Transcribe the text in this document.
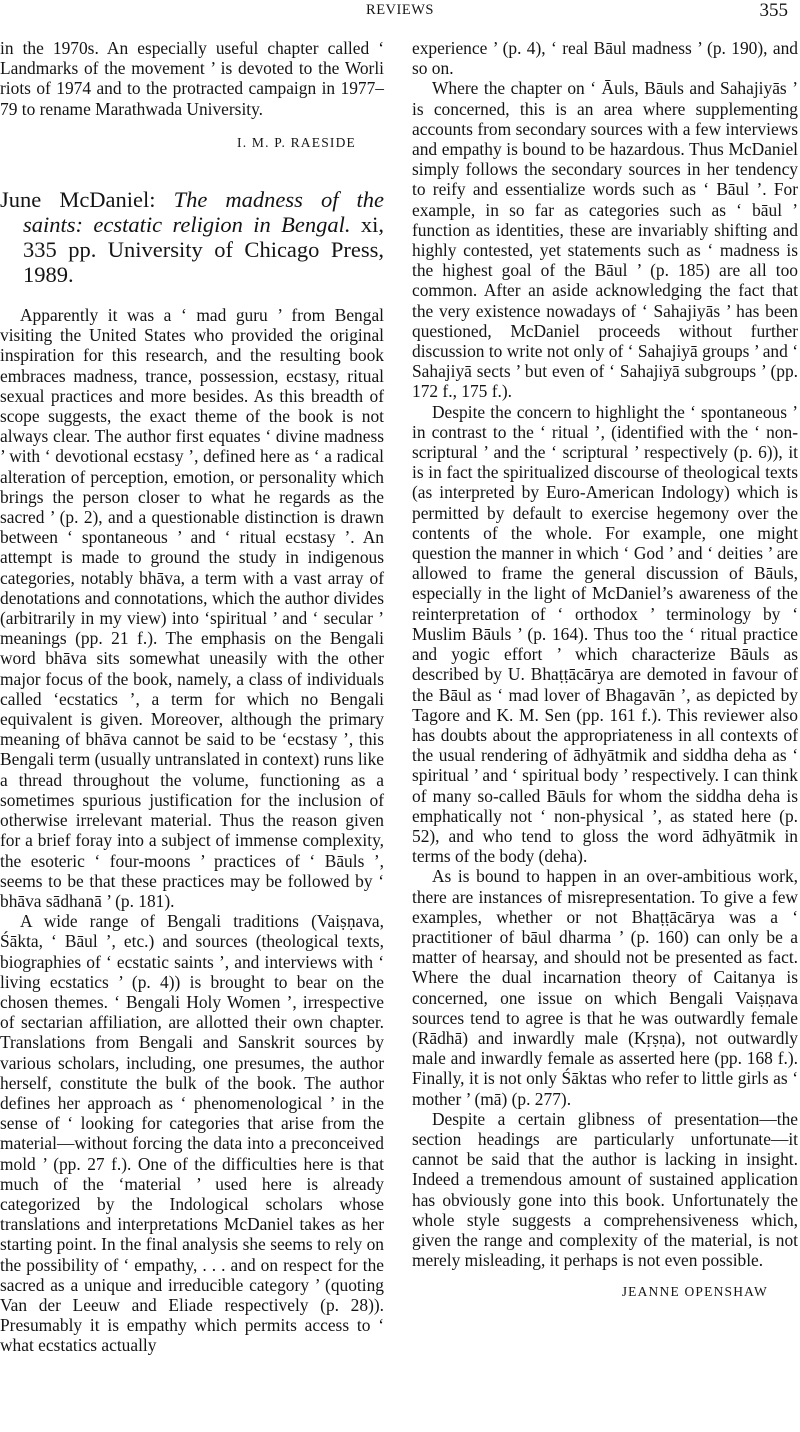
REVIEWS	355

in the 1970s. An especially useful chapter called ‘ Landmarks of the movement ’ is devoted to the Worli riots of 1974 and to the protracted campaign in 1977–79 to rename Marathwada University.

I. M. P. RAESIDE

June McDaniel: The madness of the saints: ecstatic religion in Bengal. xi, 335 pp. University of Chicago Press, 1989.

Apparently it was a ‘ mad guru ’ from Bengal visiting the United States who provided the original inspiration for this research, and the resulting book embraces madness, trance, possession, ecstasy, ritual sexual practices and more besides. As this breadth of scope suggests, the exact theme of the book is not always clear. The author first equates ‘ divine madness ’ with ‘ devotional ecstasy ’, defined here as ‘ a radical alteration of perception, emotion, or personality which brings the person closer to what he regards as the sacred ’ (p. 2), and a questionable distinction is drawn between ‘ spontaneous ’ and ‘ ritual ecstasy ’. An attempt is made to ground the study in indigenous categories, notably bhāva, a term with a vast array of denotations and connotations, which the author divides (arbitrarily in my view) into ‘spiritual ’ and ‘ secular ’ meanings (pp. 21 f.). The emphasis on the Bengali word bhāva sits somewhat uneasily with the other major focus of the book, namely, a class of individuals called ‘ecstatics ’, a term for which no Bengali equivalent is given. Moreover, although the primary meaning of bhāva cannot be said to be ‘ecstasy ’, this Bengali term (usually untranslated in context) runs like a thread throughout the volume, functioning as a sometimes spurious justification for the inclusion of otherwise irrelevant material. Thus the reason given for a brief foray into a subject of immense complexity, the esoteric ‘ four-moons ’ practices of ‘ Bāuls ’, seems to be that these practices may be followed by ‘ bhāva sādhanā ’ (p. 181).

A wide range of Bengali traditions (Vaiṣṇava, Śākta, ‘ Bāul ’, etc.) and sources (theological texts, biographies of ‘ ecstatic saints ’, and interviews with ‘ living ecstatics ’ (p. 4)) is brought to bear on the chosen themes. ‘ Bengali Holy Women ’, irrespective of sectarian affiliation, are allotted their own chapter. Translations from Bengali and Sanskrit sources by various scholars, including, one presumes, the author herself, constitute the bulk of the book. The author defines her approach as ‘ phenomenological ’ in the sense of ‘ looking for categories that arise from the material—without forcing the data into a preconceived mold ’ (pp. 27 f.). One of the difficulties here is that much of the ‘material ’ used here is already categorized by the Indological scholars whose translations and interpretations McDaniel takes as her starting point. In the final analysis she seems to rely on the possibility of ‘ empathy, . . . and on respect for the sacred as a unique and irreducible category ’ (quoting Van der Leeuw and Eliade respectively (p. 28)). Presumably it is empathy which permits access to ‘ what ecstatics actually

experience ’ (p. 4), ‘ real Bāul madness ’ (p. 190), and so on.

Where the chapter on ‘ Āuls, Bāuls and Sahajiyās ’ is concerned, this is an area where supplementing accounts from secondary sources with a few interviews and empathy is bound to be hazardous. Thus McDaniel simply follows the secondary sources in her tendency to reify and essentialize words such as ‘ Bāul ’. For example, in so far as categories such as ‘ bāul ’ function as identities, these are invariably shifting and highly contested, yet statements such as ‘ madness is the highest goal of the Bāul ’ (p. 185) are all too common. After an aside acknowledging the fact that the very existence nowadays of ‘ Sahajiyās ’ has been questioned, McDaniel proceeds without further discussion to write not only of ‘ Sahajiyā groups ’ and ‘ Sahajiyā sects ’ but even of ‘ Sahajiyā subgroups ’ (pp. 172 f., 175 f.).

Despite the concern to highlight the ‘ spontaneous ’ in contrast to the ‘ ritual ’, (identified with the ‘ non-scriptural ’ and the ‘ scriptural ’ respectively (p. 6)), it is in fact the spiritualized discourse of theological texts (as interpreted by Euro-American Indology) which is permitted by default to exercise hegemony over the contents of the whole. For example, one might question the manner in which ‘ God ’ and ‘ deities ’ are allowed to frame the general discussion of Bāuls, especially in the light of McDaniel’s awareness of the reinterpretation of ‘ orthodox ’ terminology by ‘ Muslim Bāuls ’ (p. 164). Thus too the ‘ ritual practice and yogic effort ’ which characterize Bāuls as described by U. Bhaṭṭācārya are demoted in favour of the Bāul as ‘ mad lover of Bhagavān ’, as depicted by Tagore and K. M. Sen (pp. 161 f.). This reviewer also has doubts about the appropriateness in all contexts of the usual rendering of ādhyātmik and siddha deha as ‘ spiritual ’ and ‘ spiritual body ’ respectively. I can think of many so-called Bāuls for whom the siddha deha is emphatically not ‘ non-physical ’, as stated here (p. 52), and who tend to gloss the word ādhyātmik in terms of the body (deha).

As is bound to happen in an over-ambitious work, there are instances of misrepresentation. To give a few examples, whether or not Bhaṭṭācārya was a ‘ practitioner of bāul dharma ’ (p. 160) can only be a matter of hearsay, and should not be presented as fact. Where the dual incarnation theory of Caitanya is concerned, one issue on which Bengali Vaiṣṇava sources tend to agree is that he was outwardly female (Rādhā) and inwardly male (Kṛṣṇa), not outwardly male and inwardly female as asserted here (pp. 168 f.). Finally, it is not only Śāktas who refer to little girls as ‘ mother ’ (mā) (p. 277).

Despite a certain glibness of presentation—the section headings are particularly unfortunate—it cannot be said that the author is lacking in insight. Indeed a tremendous amount of sustained application has obviously gone into this book. Unfortunately the whole style suggests a comprehensiveness which, given the range and complexity of the material, is not merely misleading, it perhaps is not even possible.

JEANNE OPENSHAW
